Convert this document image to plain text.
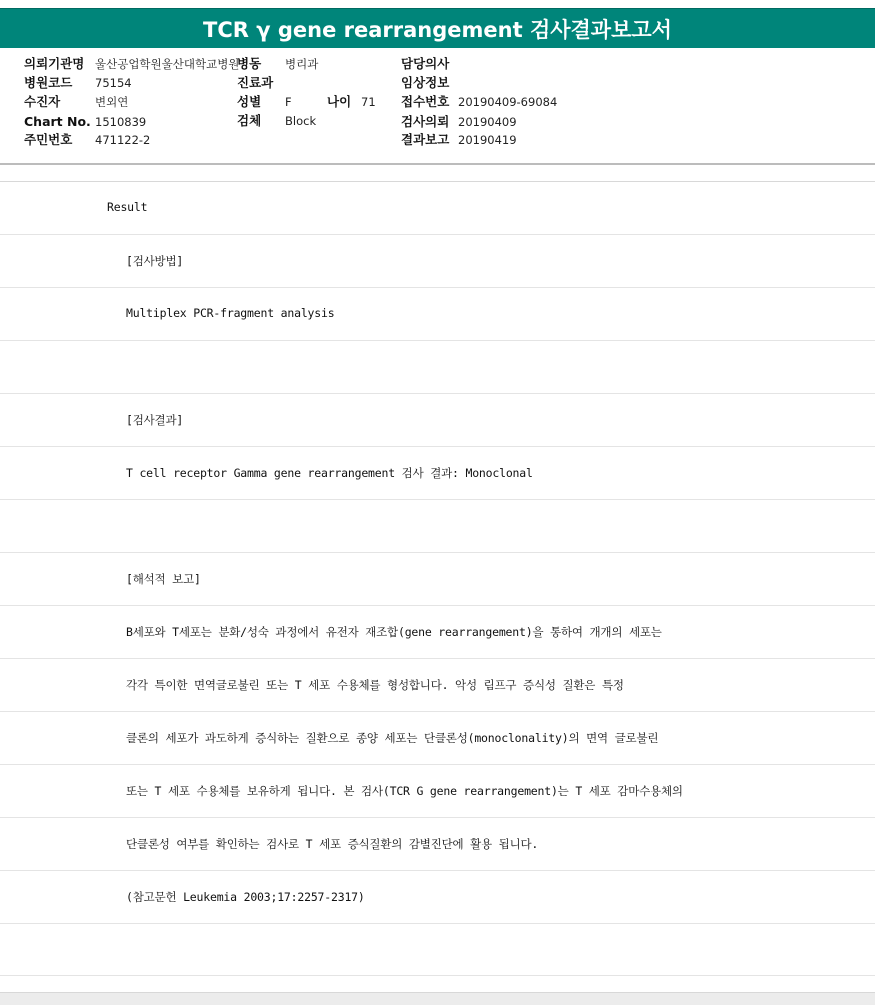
TCR γ gene rearrangement 검사결과보고서
의뢰기관명 울산공업학원울산대학교병원
병원코드 75154
수진자	변외연
Chart No. 1510839
주민번호 471122-2
병동 병리과
진료과
성별 F	나이 71
검체 Block
담당의사
임상정보
접수번호 20190409-69084
검사의뢰 20190409
결과보고 20190419
Result
[검사방법]
Multiplex PCR-fragment analysis
[검사결과]
T cell receptor Gamma gene rearrangement 검사 결과: Monoclonal
[해석적 보고]
B세포와 T세포는 분화/성숙 과정에서 유전자 재조합(gene rearrangement)을 통하여 개개의 세포는
각각 특이한 면역글로불린 또는 T 세포 수용체를 형성합니다. 악성 림프구 증식성 질환은 특정
클론의 세포가 과도하게 증식하는 질환으로 종양 세포는 단클론성(monoclonality)의 면역 글로불린
또는 T 세포 수용체를 보유하게 됩니다. 본 검사(TCR G gene rearrangement)는 T 세포 감마수용체의
단클론성 여부를 확인하는 검사로 T 세포 증식질환의 감별진단에 활용 됩니다.
(참고문헌 Leukemia 2003;17:2257-2317)
